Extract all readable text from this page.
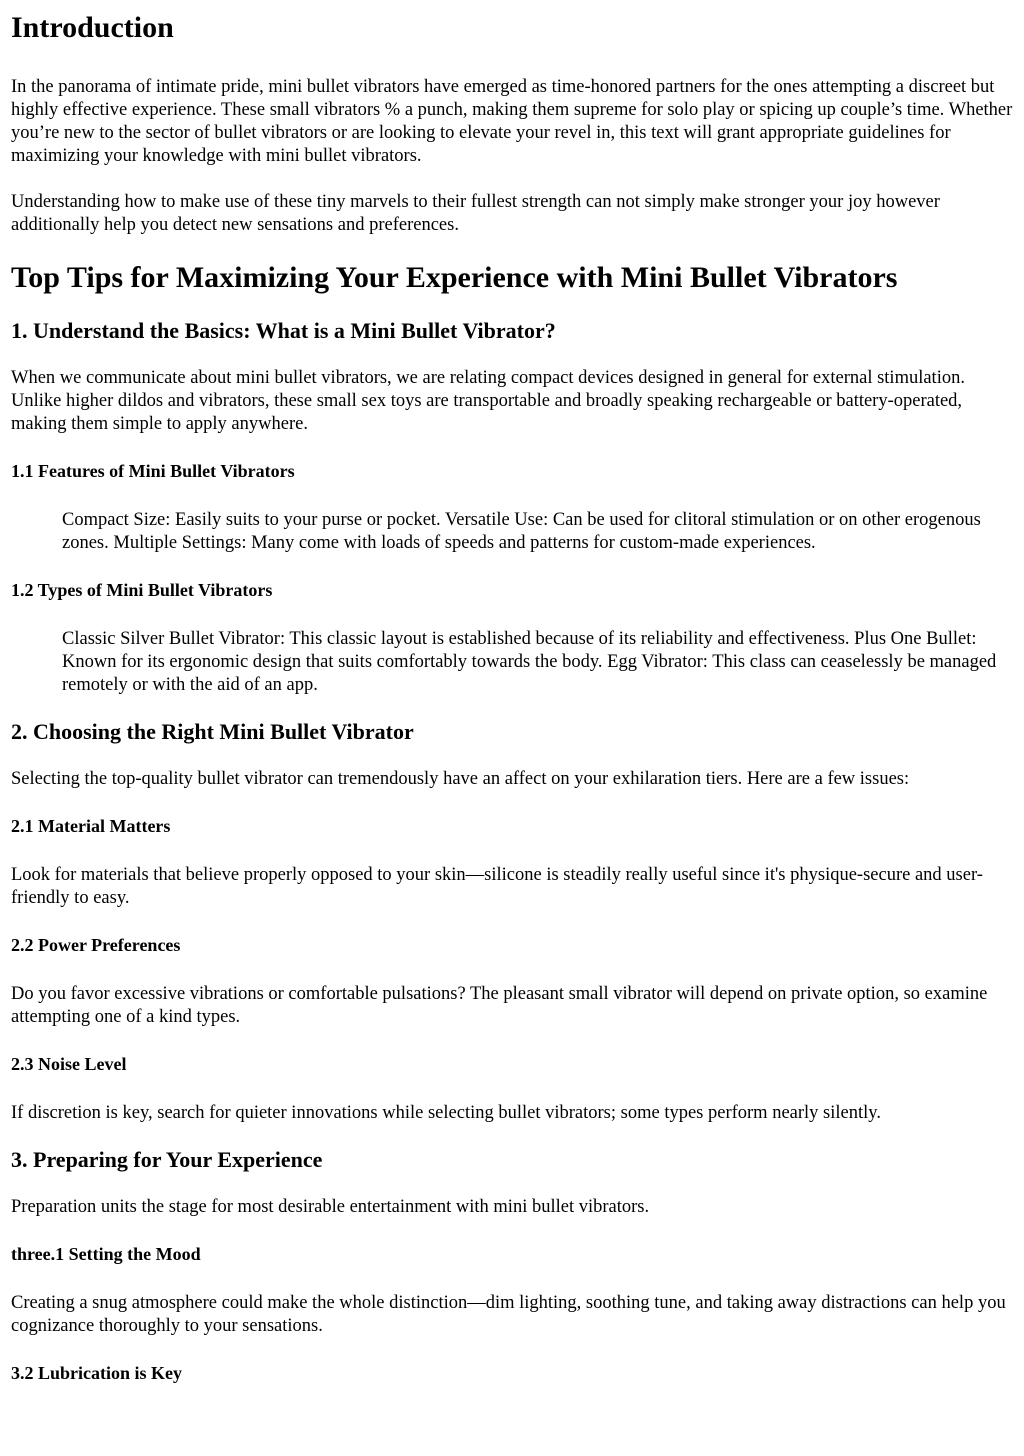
Introduction

In the panorama of intimate pride, mini bullet vibrators have emerged as time-honored partners for the ones attempting a discreet but highly effective experience. These small vibrators % a punch, making them supreme for solo play or spicing up couple’s time. Whether you’re new to the sector of bullet vibrators or are looking to elevate your revel in, this text will grant appropriate guidelines for maximizing your knowledge with mini bullet vibrators.

Understanding how to make use of these tiny marvels to their fullest strength can not simply make stronger your joy however additionally help you detect new sensations and preferences.

Top Tips for Maximizing Your Experience with Mini Bullet Vibrators
1. Understand the Basics: What is a Mini Bullet Vibrator?

When we communicate about mini bullet vibrators, we are relating compact devices designed in general for external stimulation. Unlike higher dildos and vibrators, these small sex toys are transportable and broadly speaking rechargeable or battery-operated, making them simple to apply anywhere.

1.1 Features of Mini Bullet Vibrators
Compact Size: Easily suits to your purse or pocket. Versatile Use: Can be used for clitoral stimulation or on other erogenous zones. Multiple Settings: Many come with loads of speeds and patterns for custom-made experiences.
1.2 Types of Mini Bullet Vibrators
Classic Silver Bullet Vibrator: This classic layout is established because of its reliability and effectiveness. Plus One Bullet: Known for its ergonomic design that suits comfortably towards the body. Egg Vibrator: This class can ceaselessly be managed remotely or with the aid of an app.
2. Choosing the Right Mini Bullet Vibrator

Selecting the top-quality bullet vibrator can tremendously have an affect on your exhilaration tiers. Here are a few issues:

2.1 Material Matters

Look for materials that believe properly opposed to your skin—silicone is steadily really useful since it's physique-secure and user-friendly to easy.

2.2 Power Preferences

Do you favor excessive vibrations or comfortable pulsations? The pleasant small vibrator will depend on private option, so examine attempting one of a kind types.

2.3 Noise Level

If discretion is key, search for quieter innovations while selecting bullet vibrators; some types perform nearly silently.

3. Preparing for Your Experience

Preparation units the stage for most desirable entertainment with mini bullet vibrators.

three.1 Setting the Mood

Creating a snug atmosphere could make the whole distinction—dim lighting, soothing tune, and taking away distractions can help you cognizance thoroughly to your sensations.

3.2 Lubrication is Key
